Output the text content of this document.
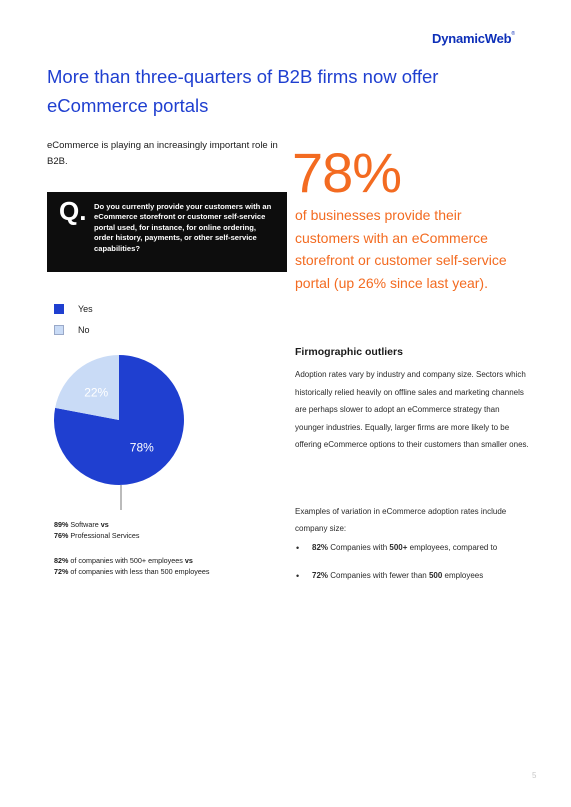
DynamicWeb®
More than three-quarters of B2B firms now offer eCommerce portals

eCommerce is playing an increasingly important role in B2B.

Q. Do you currently provide your customers with an eCommerce storefront or customer self-service portal used, for instance, for online ordering, order history, payments, or other self-service capabilities?
Yes
No
78%
22%
89% Software vs
76% Professional Services
82% of companies with 500+ employees vs
72% of companies with less than 500 employees
78%
of businesses provide their customers with an eCommerce storefront or customer self-service portal (up 26% since last year).
Firmographic outliers

Adoption rates vary by industry and company size. Sectors which historically relied heavily on offline sales and marketing channels are perhaps slower to adopt an eCommerce strategy than younger industries. Equally, larger firms are more likely to be offering eCommerce options to their customers than smaller ones.

Examples of variation in eCommerce adoption rates include company size:

• 82% Companies with 500+ employees, compared to
• 72% Companies with fewer than 500 employees
5
